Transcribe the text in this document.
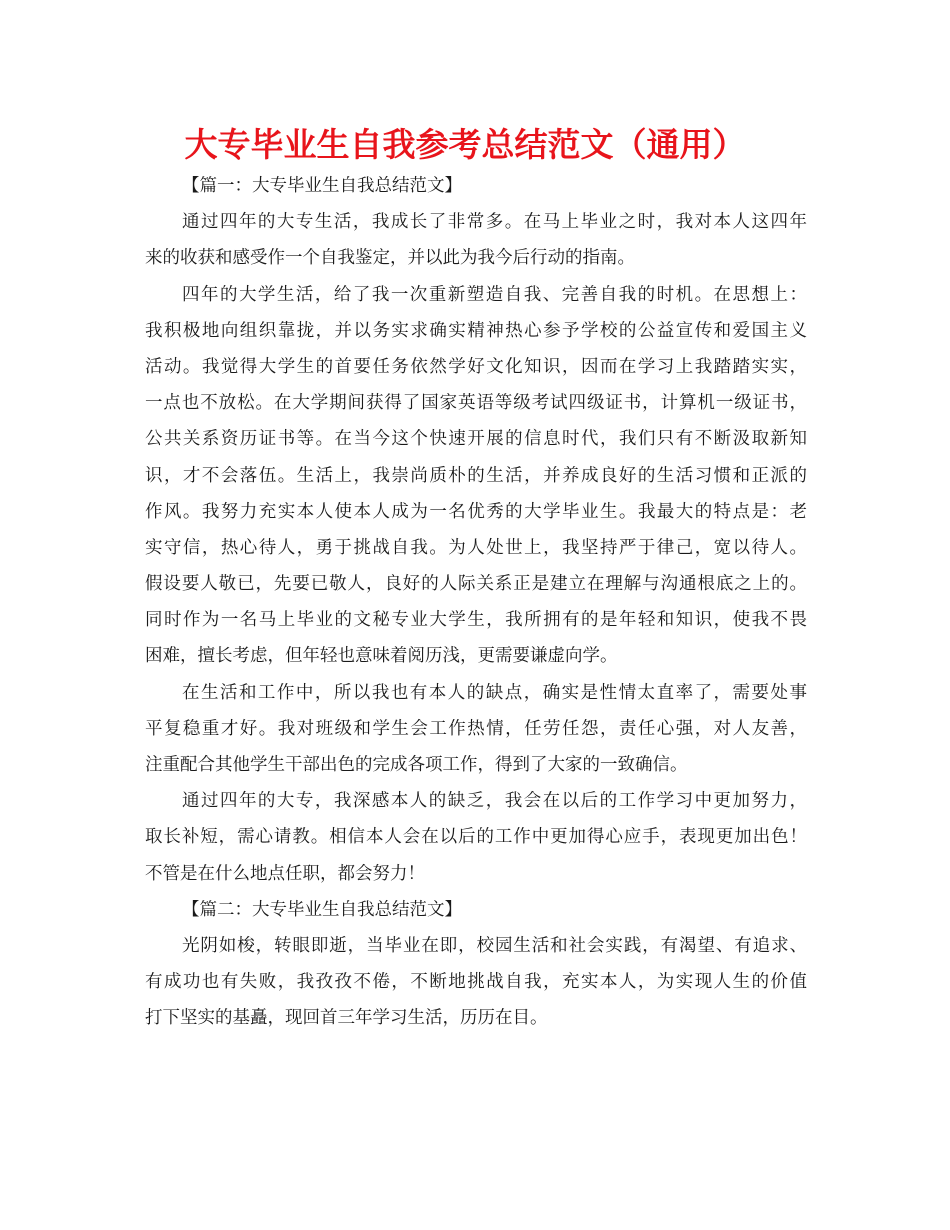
大专毕业生自我参考总结范文（通用）
【篇一：大专毕业生自我总结范文】
通过四年的大专生活，我成长了非常多。在马上毕业之时，我对本人这四年
来的收获和感受作一个自我鉴定，并以此为我今后行动的指南。
四年的大学生活，给了我一次重新塑造自我、完善自我的时机。在思想上：
我积极地向组织靠拢，并以务实求确实精神热心参予学校的公益宣传和爱国主义
活动。我觉得大学生的首要任务依然学好文化知识，因而在学习上我踏踏实实，
一点也不放松。在大学期间获得了国家英语等级考试四级证书，计算机一级证书，
公共关系资历证书等。在当今这个快速开展的信息时代，我们只有不断汲取新知
识，才不会落伍。生活上，我崇尚质朴的生活，并养成良好的生活习惯和正派的
作风。我努力充实本人使本人成为一名优秀的大学毕业生。我最大的特点是：老
实守信，热心待人，勇于挑战自我。为人处世上，我坚持严于律己，宽以待人。
假设要人敬已，先要已敬人，良好的人际关系正是建立在理解与沟通根底之上的。
同时作为一名马上毕业的文秘专业大学生，我所拥有的是年轻和知识，使我不畏
困难，擅长考虑，但年轻也意味着阅历浅，更需要谦虚向学。
在生活和工作中，所以我也有本人的缺点，确实是性情太直率了，需要处事
平复稳重才好。我对班级和学生会工作热情，任劳任怨，责任心强，对人友善，
注重配合其他学生干部出色的完成各项工作，得到了大家的一致确信。
通过四年的大专，我深感本人的缺乏，我会在以后的工作学习中更加努力，
取长补短，需心请教。相信本人会在以后的工作中更加得心应手，表现更加出色！
不管是在什么地点任职，都会努力！
【篇二：大专毕业生自我总结范文】
光阴如梭，转眼即逝，当毕业在即，校园生活和社会实践，有渴望、有追求、
有成功也有失败，我孜孜不倦，不断地挑战自我，充实本人，为实现人生的价值
打下坚实的基矗，现回首三年学习生活，历历在目。
